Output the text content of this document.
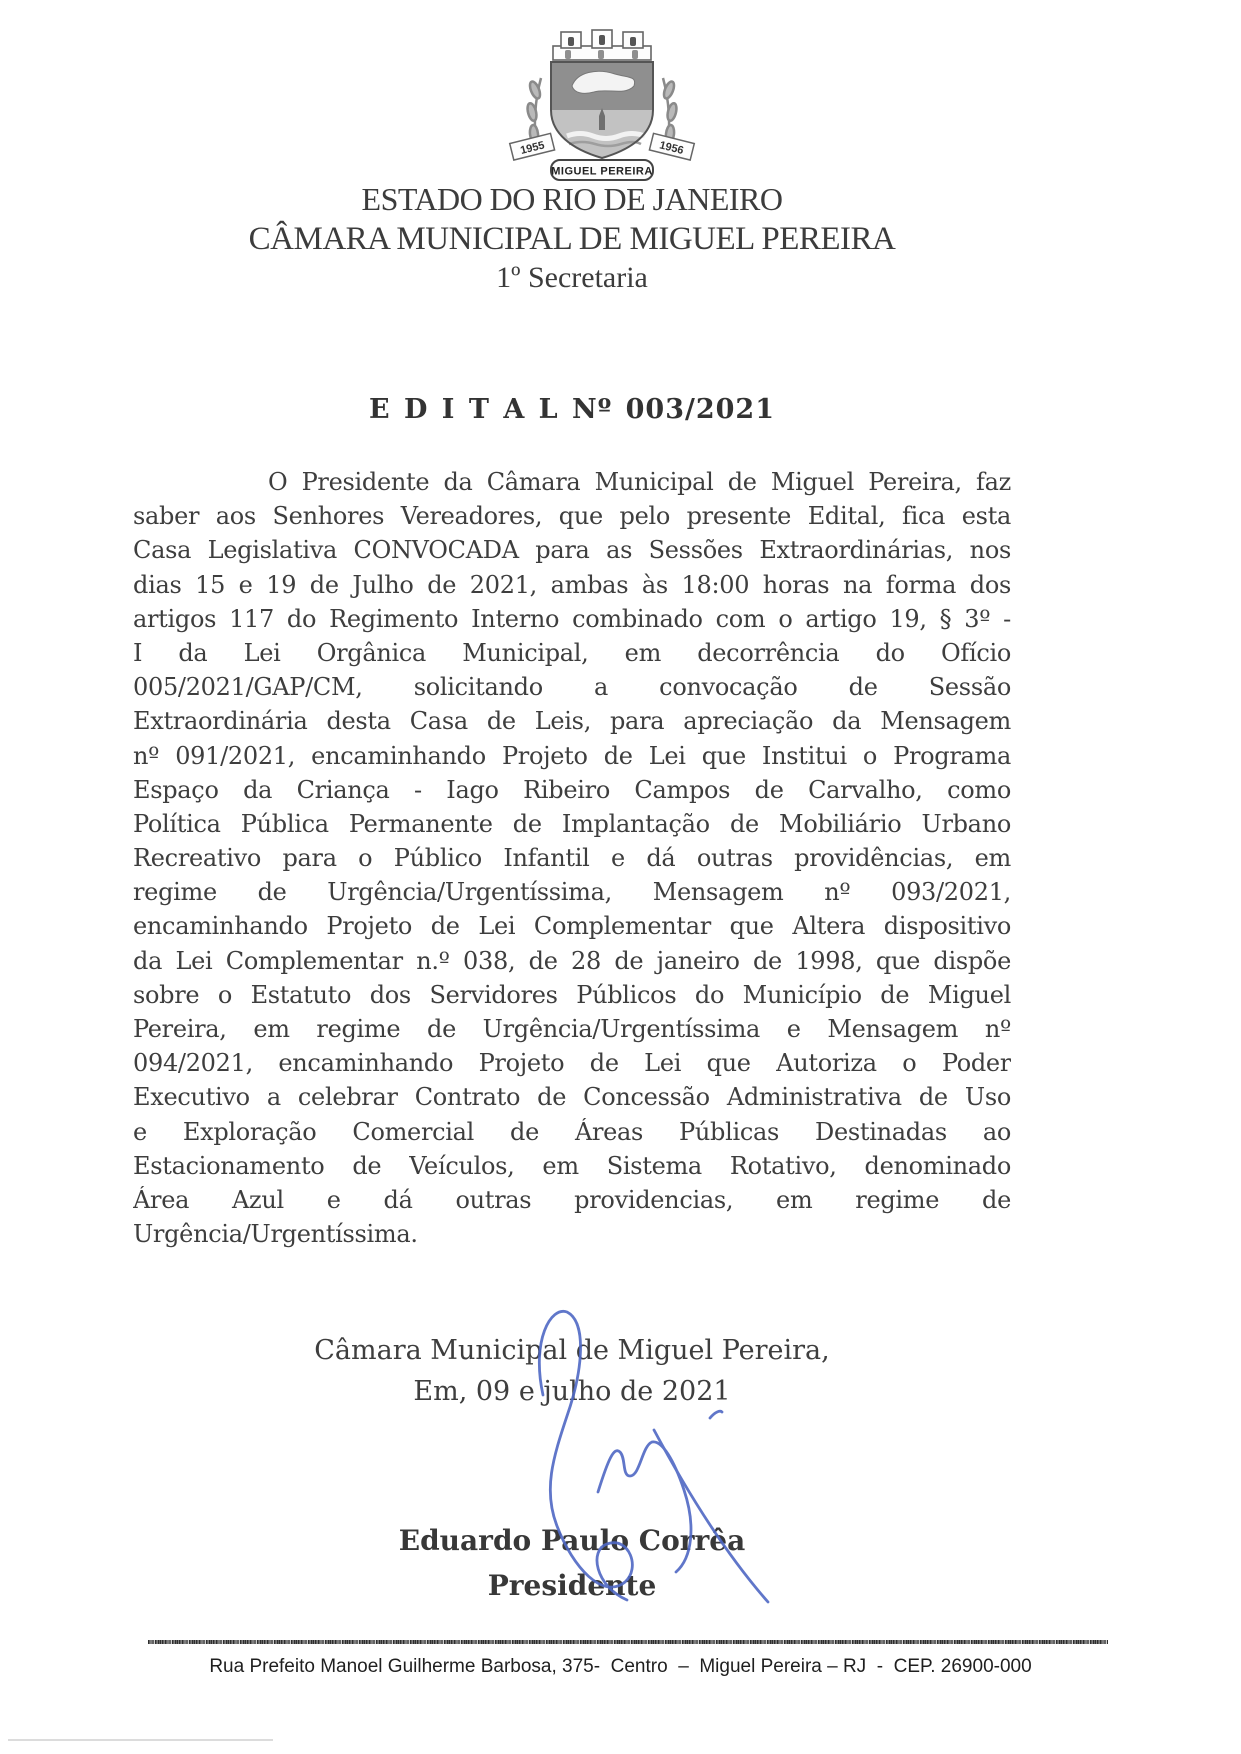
1955	1956
MIGUEL PEREIRA
ESTADO DO RIO DE JANEIRO
CÂMARA MUNICIPAL DE MIGUEL PEREIRA
1º Secretaria
E D I T A L Nº 003/2021
O Presidente da Câmara Municipal de Miguel Pereira, faz
saber aos Senhores Vereadores, que pelo presente Edital, fica esta
Casa Legislativa CONVOCADA para as Sessões Extraordinárias, nos
dias 15 e 19 de Julho de 2021, ambas às 18:00 horas na forma dos
artigos 117 do Regimento Interno combinado com o artigo 19, § 3º -
I da Lei Orgânica Municipal, em decorrência do Ofício
005/2021/GAP/CM, solicitando a convocação de Sessão
Extraordinária desta Casa de Leis, para apreciação da Mensagem
nº 091/2021, encaminhando Projeto de Lei que Institui o Programa
Espaço da Criança - Iago Ribeiro Campos de Carvalho, como
Política Pública Permanente de Implantação de Mobiliário Urbano
Recreativo para o Público Infantil e dá outras providências, em
regime de Urgência/Urgentíssima, Mensagem nº 093/2021,
encaminhando Projeto de Lei Complementar que Altera dispositivo
da Lei Complementar n.º 038, de 28 de janeiro de 1998, que dispõe
sobre o Estatuto dos Servidores Públicos do Município de Miguel
Pereira, em regime de Urgência/Urgentíssima e Mensagem nº
094/2021, encaminhando Projeto de Lei que Autoriza o Poder
Executivo a celebrar Contrato de Concessão Administrativa de Uso
e Exploração Comercial de Áreas Públicas Destinadas ao
Estacionamento de Veículos, em Sistema Rotativo, denominado
Área Azul e dá outras providencias, em regime de
Urgência/Urgentíssima.
Câmara Municipal de Miguel Pereira,
Em, 09 e julho de 2021
Eduardo Paulo Corrêa
Presidente
Rua Prefeito Manoel Guilherme Barbosa, 375-  Centro  –  Miguel Pereira – RJ  -  CEP. 26900-000
